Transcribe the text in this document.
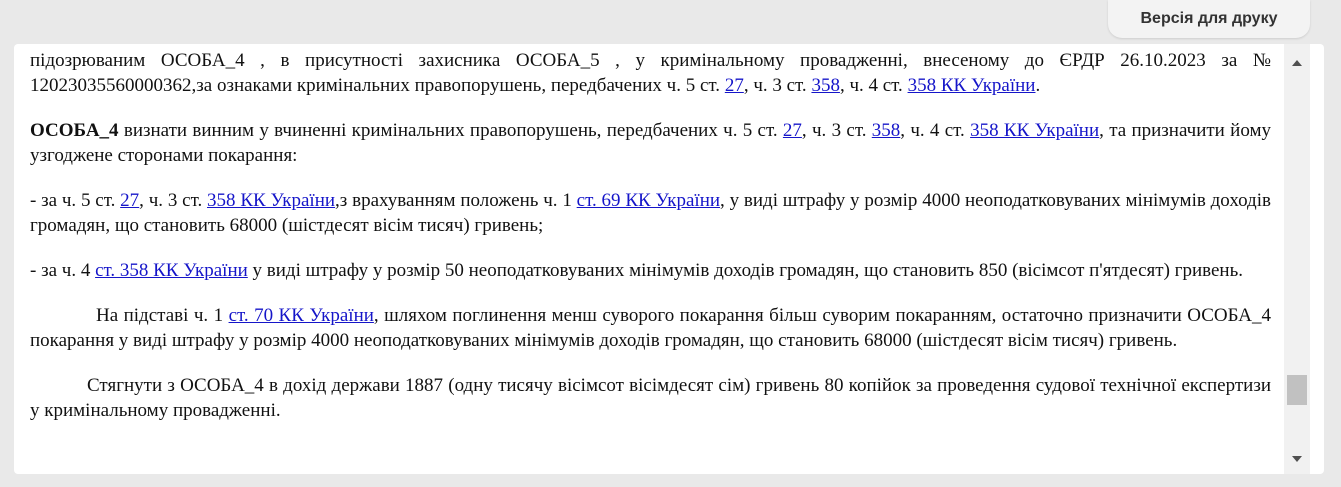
Версія для друку

підозрюваним ОСОБА_4 , в присутності захисника ОСОБА_5 , у кримінальному провадженні, внесеному до ЄРДР 26.10.2023 за № 12023035560000362,за ознаками кримінальних правопорушень, передбачених ч. 5 ст. 27, ч. 3 ст. 358, ч. 4 ст. 358 КК України.

ОСОБА_4 визнати винним у вчиненні кримінальних правопорушень, передбачених ч. 5 ст. 27, ч. 3 ст. 358, ч. 4 ст. 358 КК України, та призначити йому узгоджене сторонами покарання:

- за ч. 5 ст. 27, ч. 3 ст. 358 КК України,з врахуванням положень ч. 1 ст. 69 КК України, у виді штрафу у розмір 4000 неоподатковуваних мінімумів доходів громадян, що становить 68000 (шістдесят вісім тисяч) гривень;

- за ч. 4 ст. 358 КК України у виді штрафу у розмір 50 неоподатковуваних мінімумів доходів громадян, що становить 850 (вісімсот п'ятдесят) гривень.

На підставі ч. 1 ст. 70 КК України, шляхом поглинення менш суворого покарання більш суворим покаранням, остаточно призначити ОСОБА_4 покарання у виді штрафу у розмір 4000 неоподатковуваних мінімумів доходів громадян, що становить 68000 (шістдесят вісім тисяч) гривень.

Стягнути з ОСОБА_4 в дохід держави 1887 (одну тисячу вісімсот вісімдесят сім) гривень 80 копійок за проведення судової технічної експертизи у кримінальному провадженні.
